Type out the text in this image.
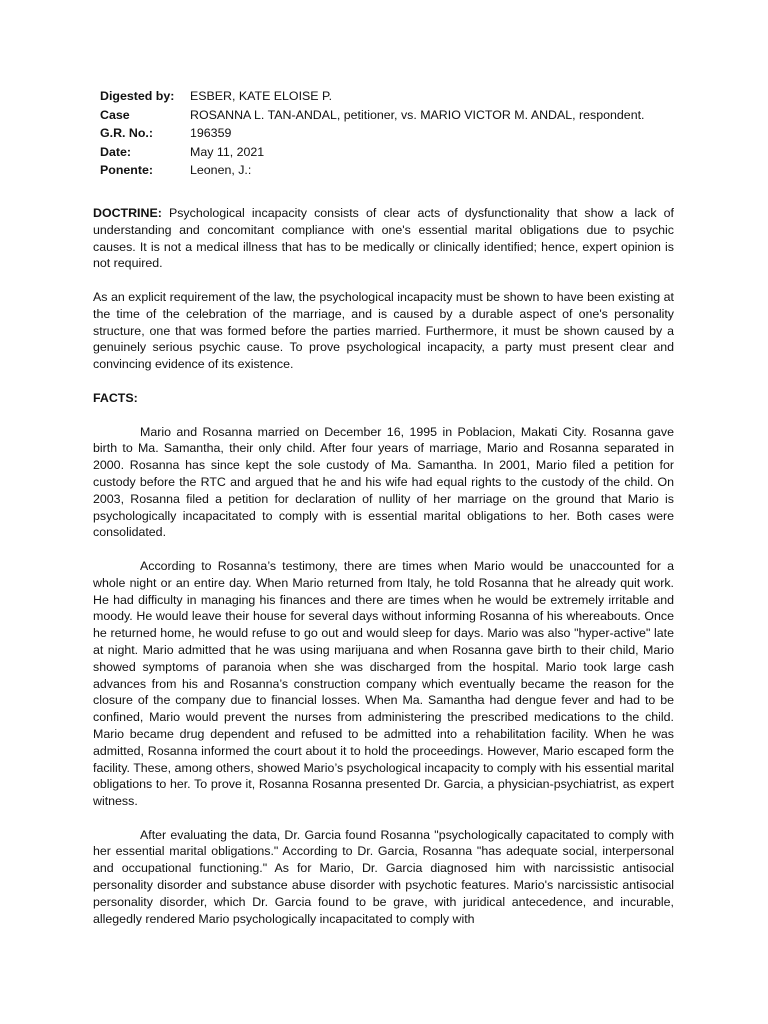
Digested by:	ESBER, KATE ELOISE P.
Case	ROSANNA L. TAN-ANDAL, petitioner, vs. MARIO VICTOR M. ANDAL, respondent.
G.R. No.:	196359
Date:	May 11, 2021
Ponente:	Leonen, J.:

DOCTRINE: Psychological incapacity consists of clear acts of dysfunctionality that show a lack of understanding and concomitant compliance with one's essential marital obligations due to psychic causes. It is not a medical illness that has to be medically or clinically identified; hence, expert opinion is not required.

As an explicit requirement of the law, the psychological incapacity must be shown to have been existing at the time of the celebration of the marriage, and is caused by a durable aspect of one's personality structure, one that was formed before the parties married. Furthermore, it must be shown caused by a genuinely serious psychic cause. To prove psychological incapacity, a party must present clear and convincing evidence of its existence.

FACTS:

Mario and Rosanna married on December 16, 1995 in Poblacion, Makati City. Rosanna gave birth to Ma. Samantha, their only child. After four years of marriage, Mario and Rosanna separated in 2000. Rosanna has since kept the sole custody of Ma. Samantha. In 2001, Mario filed a petition for custody before the RTC and argued that he and his wife had equal rights to the custody of the child. On 2003, Rosanna filed a petition for declaration of nullity of her marriage on the ground that Mario is psychologically incapacitated to comply with is essential marital obligations to her. Both cases were consolidated.

According to Rosanna’s testimony, there are times when Mario would be unaccounted for a whole night or an entire day. When Mario returned from Italy, he told Rosanna that he already quit work. He had difficulty in managing his finances and there are times when he would be extremely irritable and moody. He would leave their house for several days without informing Rosanna of his whereabouts. Once he returned home, he would refuse to go out and would sleep for days. Mario was also "hyper-active" late at night. Mario admitted that he was using marijuana and when Rosanna gave birth to their child, Mario showed symptoms of paranoia when she was discharged from the hospital. Mario took large cash advances from his and Rosanna’s construction company which eventually became the reason for the closure of the company due to financial losses. When Ma. Samantha had dengue fever and had to be confined, Mario would prevent the nurses from administering the prescribed medications to the child. Mario became drug dependent and refused to be admitted into a rehabilitation facility. When he was admitted, Rosanna informed the court about it to hold the proceedings. However, Mario escaped form the facility. These, among others, showed Mario’s psychological incapacity to comply with his essential marital obligations to her. To prove it, Rosanna Rosanna presented Dr. Garcia, a physician-psychiatrist, as expert witness.

After evaluating the data, Dr. Garcia found Rosanna "psychologically capacitated to comply with her essential marital obligations." According to Dr. Garcia, Rosanna "has adequate social, interpersonal and occupational functioning." As for Mario, Dr. Garcia diagnosed him with narcissistic antisocial personality disorder and substance abuse disorder with psychotic features. Mario's narcissistic antisocial personality disorder, which Dr. Garcia found to be grave, with juridical antecedence, and incurable, allegedly rendered Mario psychologically incapacitated to comply with
